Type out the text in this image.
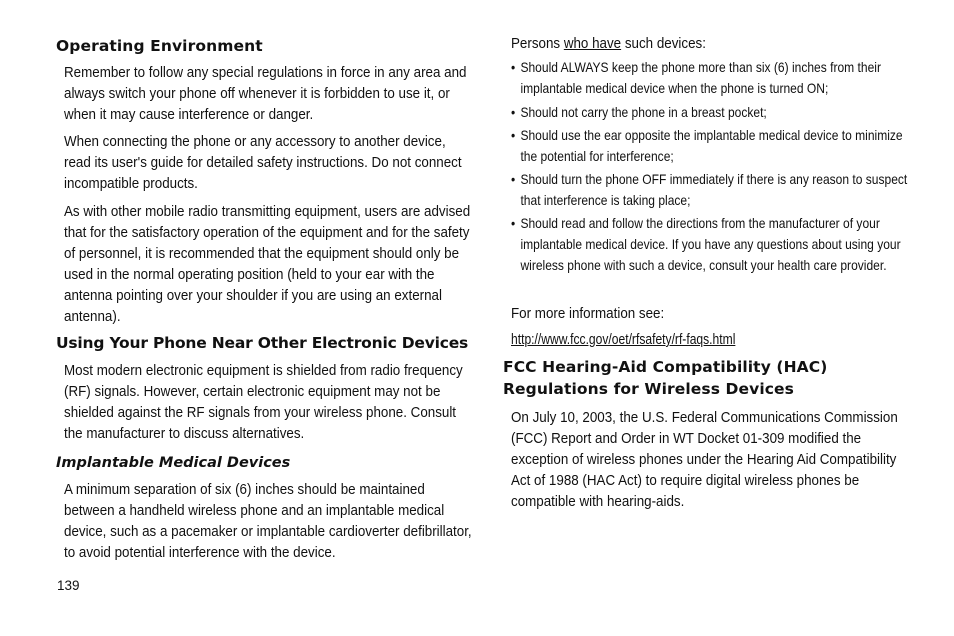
Operating Environment

Remember to follow any special regulations in force in any area and always switch your phone off whenever it is forbidden to use it, or when it may cause interference or danger.

When connecting the phone or any accessory to another device, read its user's guide for detailed safety instructions. Do not connect incompatible products.

As with other mobile radio transmitting equipment, users are advised that for the satisfactory operation of the equipment and for the safety of personnel, it is recommended that the equipment should only be used in the normal operating position (held to your ear with the antenna pointing over your shoulder if you are using an external antenna).

Using Your Phone Near Other Electronic Devices

Most modern electronic equipment is shielded from radio frequency (RF) signals. However, certain electronic equipment may not be shielded against the RF signals from your wireless phone. Consult the manufacturer to discuss alternatives.

Implantable Medical Devices

A minimum separation of six (6) inches should be maintained between a handheld wireless phone and an implantable medical device, such as a pacemaker or implantable cardioverter defibrillator, to avoid potential interference with the device.

Persons who have such devices:

• Should ALWAYS keep the phone more than six (6) inches from their implantable medical device when the phone is turned ON;
• Should not carry the phone in a breast pocket;
• Should use the ear opposite the implantable medical device to minimize the potential for interference;
• Should turn the phone OFF immediately if there is any reason to suspect that interference is taking place;
• Should read and follow the directions from the manufacturer of your implantable medical device. If you have any questions about using your wireless phone with such a device, consult your health care provider.

For more information see:

http://www.fcc.gov/oet/rfsafety/rf-faqs.html

FCC Hearing-Aid Compatibility (HAC)
Regulations for Wireless Devices

On July 10, 2003, the U.S. Federal Communications Commission (FCC) Report and Order in WT Docket 01-309 modified the exception of wireless phones under the Hearing Aid Compatibility Act of 1988 (HAC Act) to require digital wireless phones be compatible with hearing-aids.

139
